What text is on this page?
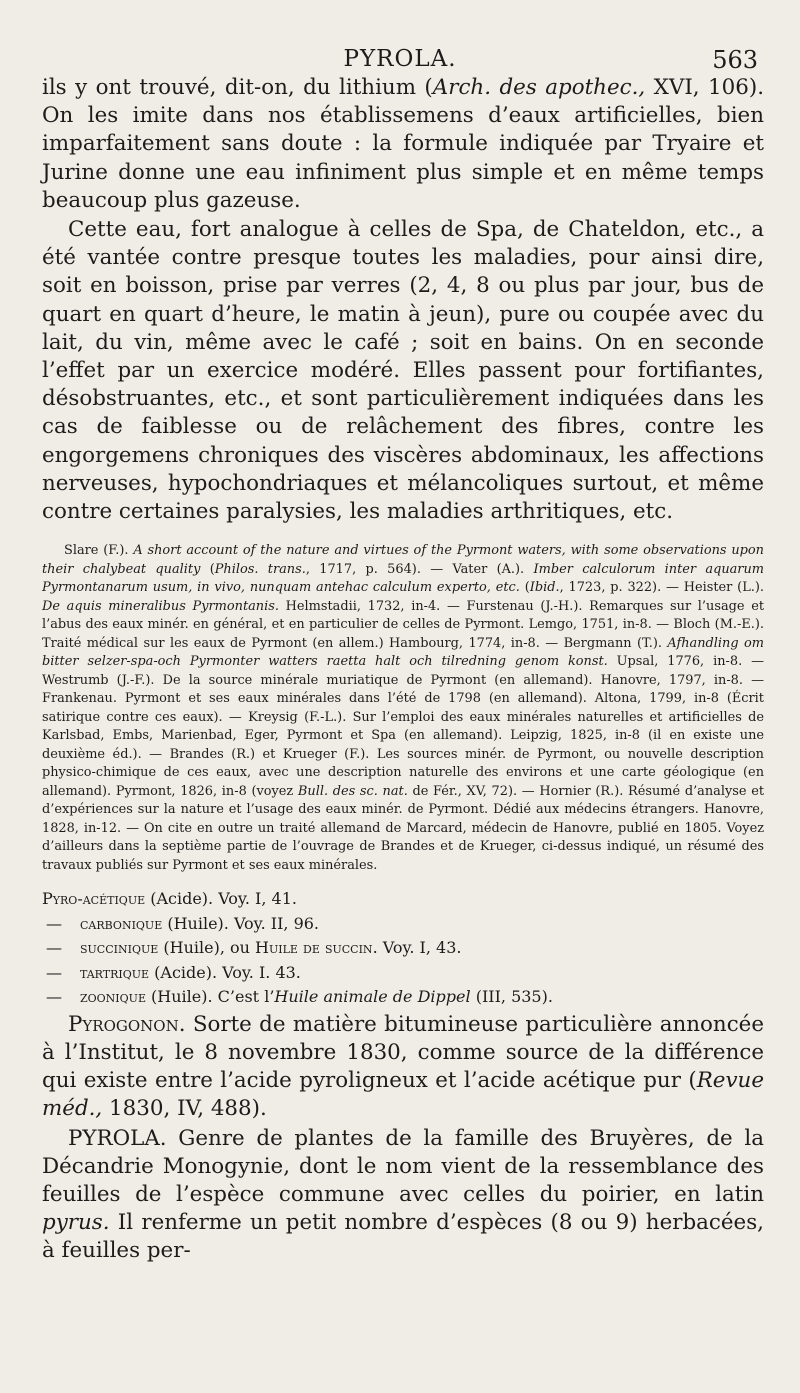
PYROLA.	563

ils y ont trouvé, dit-on, du lithium (Arch. des apothec., XVI, 106). On les imite dans nos établissemens d’eaux artificielles, bien imparfaitement sans doute : la formule indiquée par Tryaire et Jurine donne une eau infiniment plus simple et en même temps beaucoup plus gazeuse.

Cette eau, fort analogue à celles de Spa, de Chateldon, etc., a été vantée contre presque toutes les maladies, pour ainsi dire, soit en boisson, prise par verres (2, 4, 8 ou plus par jour, bus de quart en quart d’heure, le matin à jeun), pure ou coupée avec du lait, du vin, même avec le café ; soit en bains. On en seconde l’effet par un exercice modéré. Elles passent pour fortifiantes, désobstruantes, etc., et sont particulièrement indiquées dans les cas de faiblesse ou de relâchement des fibres, contre les engorgemens chroniques des viscères abdominaux, les affections nerveuses, hypochondriaques et mélancoliques surtout, et même contre certaines paralysies, les maladies arthritiques, etc.

Slare (F.). A short account of the nature and virtues of the Pyrmont waters, with some observations upon their chalybeat quality (Philos. trans., 1717, p. 564). — Vater (A.). Imber calculorum inter aquarum Pyrmontanarum usum, in vivo, nunquam antehac calculum experto, etc. (Ibid., 1723, p. 322). — Heister (L.). De aquis mineralibus Pyrmontanis. Helmstadii, 1732, in-4. — Furstenau (J.-H.). Remarques sur l’usage et l’abus des eaux minér. en général, et en particulier de celles de Pyrmont. Lemgo, 1751, in-8. — Bloch (M.-E.). Traité médical sur les eaux de Pyrmont (en allem.) Hambourg, 1774, in-8. — Bergmann (T.). Afhandling om bitter selzer-spa-och Pyrmonter watters raetta halt och tilredning genom konst. Upsal, 1776, in-8. — Westrumb (J.-F.). De la source minérale muriatique de Pyrmont (en allemand). Hanovre, 1797, in-8. — Frankenau. Pyrmont et ses eaux minérales dans l’été de 1798 (en allemand). Altona, 1799, in-8 (Écrit satirique contre ces eaux). — Kreysig (F.-L.). Sur l’emploi des eaux minérales naturelles et artificielles de Karlsbad, Embs, Marienbad, Eger, Pyrmont et Spa (en allemand). Leipzig, 1825, in-8 (il en existe une deuxième éd.). — Brandes (R.) et Krueger (F.). Les sources minér. de Pyrmont, ou nouvelle description physico-chimique de ces eaux, avec une description naturelle des environs et une carte géologique (en allemand). Pyrmont, 1826, in-8 (voyez Bull. des sc. nat. de Fér., XV, 72). — Hornier (R.). Résumé d’analyse et d’expériences sur la nature et l’usage des eaux minér. de Pyrmont. Dédié aux médecins étrangers. Hanovre, 1828, in-12. — On cite en outre un traité allemand de Marcard, médecin de Hanovre, publié en 1805. Voyez d’ailleurs dans la septième partie de l’ouvrage de Brandes et de Krueger, ci-dessus indiqué, un résumé des travaux publiés sur Pyrmont et ses eaux minérales.

Pyro-acétique (Acide). Voy. I, 41.
— carbonique (Huile). Voy. II, 96.
— succinique (Huile), ou Huile de succin. Voy. I, 43.
— tartrique (Acide). Voy. I. 43.
— zoonique (Huile). C’est l’Huile animale de Dippel (III, 535).

Pyrogonon. Sorte de matière bitumineuse particulière annoncée à l’Institut, le 8 novembre 1830, comme source de la différence qui existe entre l’acide pyroligneux et l’acide acétique pur (Revue méd., 1830, IV, 488).

PYROLA. Genre de plantes de la famille des Bruyères, de la Décandrie Monogynie, dont le nom vient de la ressemblance des feuilles de l’espèce commune avec celles du poirier, en latin pyrus. Il renferme un petit nombre d’espèces (8 ou 9) herbacées, à feuilles per-
